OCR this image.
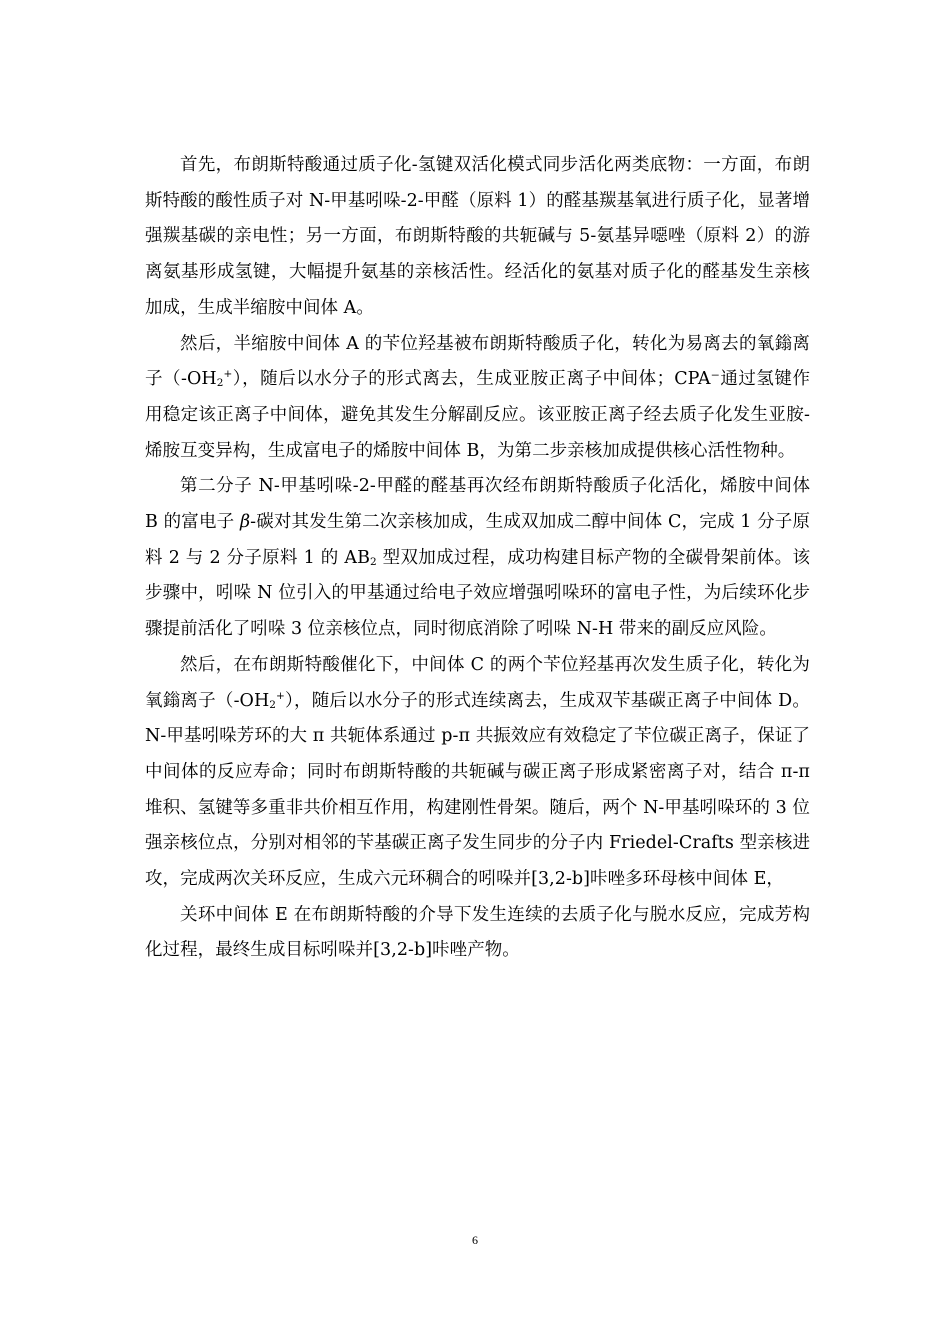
首先，布朗斯特酸通过质子化-氢键双活化模式同步活化两类底物：一方面，布朗斯特酸的酸性质子对 N-甲基吲哚-2-甲醛（原料 1）的醛基羰基氧进行质子化，显著增强羰基碳的亲电性；另一方面，布朗斯特酸的共轭碱与 5-氨基异噁唑（原料 2）的游离氨基形成氢键，大幅提升氨基的亲核活性。经活化的氨基对质子化的醛基发生亲核加成，生成半缩胺中间体 A。

然后，半缩胺中间体 A 的苄位羟基被布朗斯特酸质子化，转化为易离去的氧鎓离子$(-OH_2^+)$，随后以水分子的形式离去，生成亚胺正离子中间体；CPA⁻通过氢键作用稳定该正离子中间体，避免其发生分解副反应。该亚胺正离子经去质子化发生亚胺-烯胺互变异构，生成富电子的烯胺中间体 B，为第二步亲核加成提供核心活性物种。

第二分子 N-甲基吲哚-2-甲醛的醛基再次经布朗斯特酸质子化活化，烯胺中间体 B 的富电子 β-碳对其发生第二次亲核加成，生成双加成二醇中间体 C，完成 1 分子原料 2 与 2 分子原料 1 的 $AB_2$ 型双加成过程，成功构建目标产物的全碳骨架前体。该步骤中，吲哚 N 位引入的甲基通过给电子效应增强吲哚环的富电子性，为后续环化步骤提前活化了吲哚 3 位亲核位点，同时彻底消除了吲哚 N-H 带来的副反应风险。

然后，在布朗斯特酸催化下，中间体 C 的两个苄位羟基再次发生质子化，转化为氧鎓离子$(-OH_2^+)$，随后以水分子的形式连续离去，生成双苄基碳正离子中间体 D。N-甲基吲哚芳环的大 π 共轭体系通过 p-π 共振效应有效稳定了苄位碳正离子，保证了中间体的反应寿命；同时布朗斯特酸的共轭碱与碳正离子形成紧密离子对，结合 π-π 堆积、氢键等多重非共价相互作用，构建刚性骨架。随后，两个 N-甲基吲哚环的 3 位强亲核位点，分别对相邻的苄基碳正离子发生同步的分子内 Friedel-Crafts 型亲核进攻，完成两次关环反应，生成六元环稠合的吲哚并[3,2-b]咔唑多环母核中间体 E，

关环中间体 E 在布朗斯特酸的介导下发生连续的去质子化与脱水反应，完成芳构化过程，最终生成目标吲哚并[3,2-b]咔唑产物。

6
